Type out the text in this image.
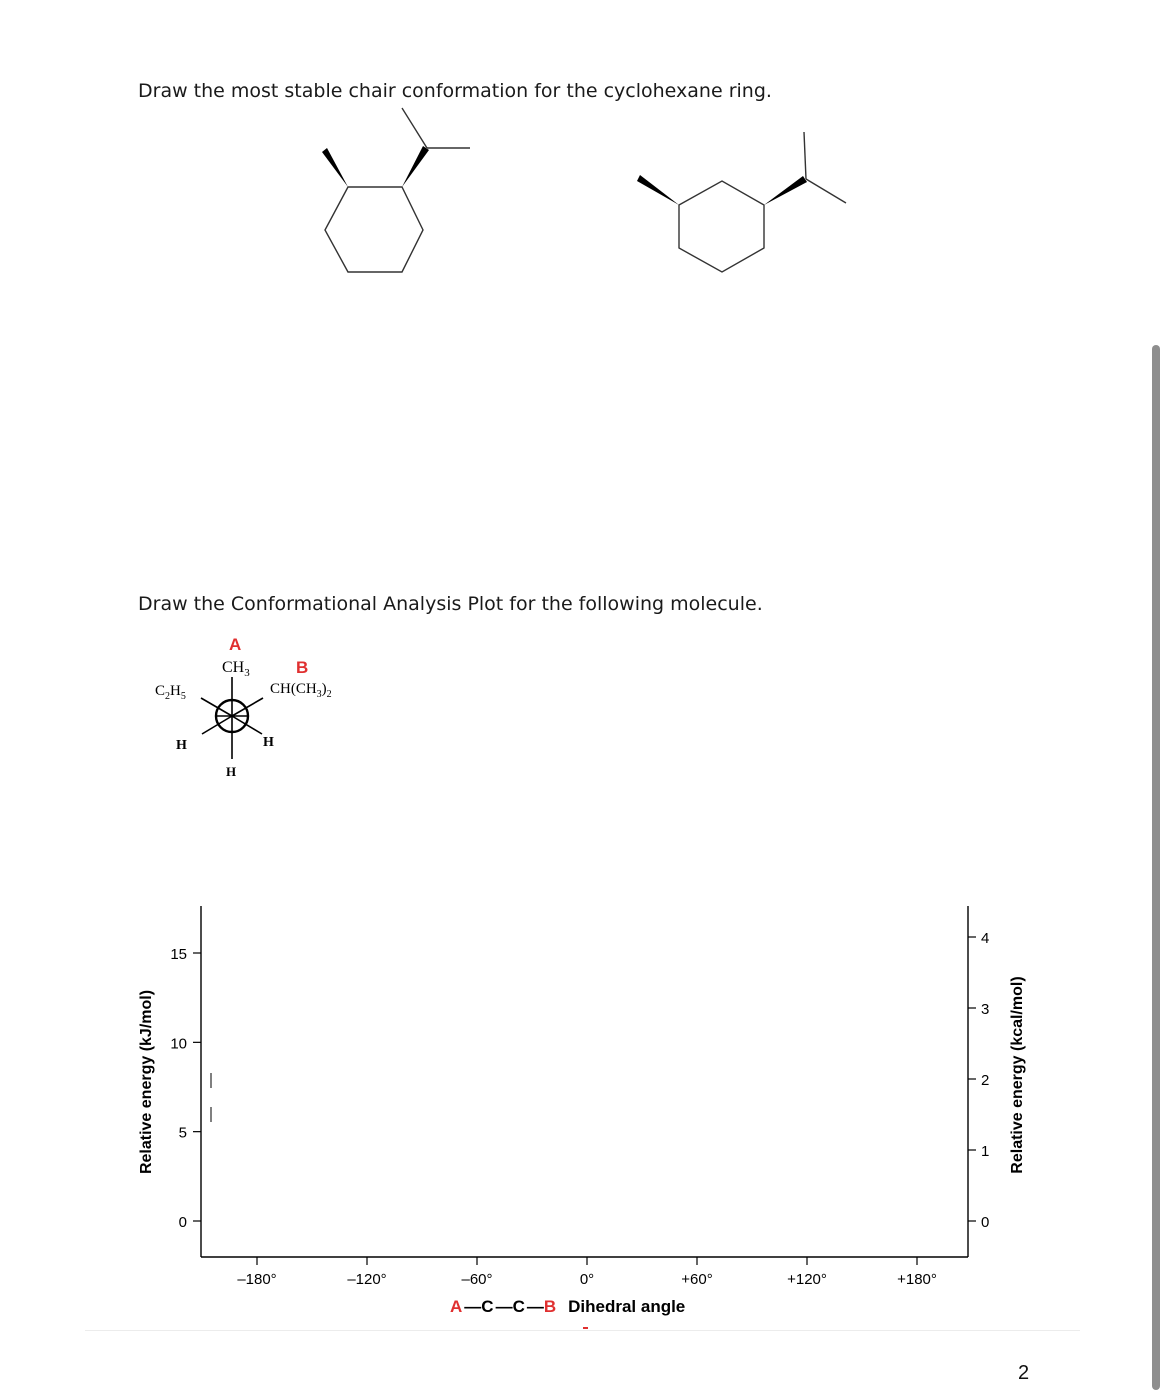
Draw the most stable chair conformation for the cyclohexane ring.
Draw the Conformational Analysis Plot for the following molecule.
A
B
$CH_3$
$C_2H_5$	$CH(CH_3)_2$
H	H
H
15
10
5
0
4
3
2
1
0
–180°	–120°	–60°	0°	+60°	+120°	+180°
Relative energy (kJ/mol)	Relative energy (kcal/mol)
A —C —C —B Dihedral angle
2
